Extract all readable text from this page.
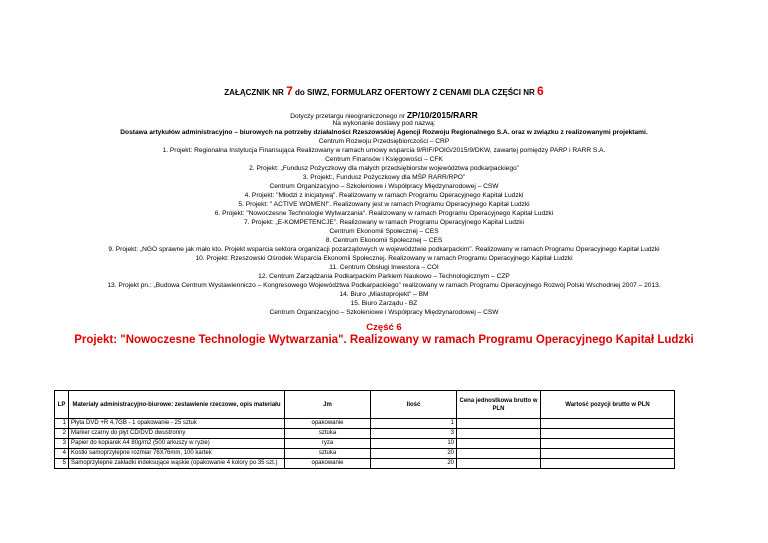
ZAŁĄCZNIK NR 7 do SIWZ, FORMULARZ OFERTOWY Z CENAMI DLA CZĘŚCI NR 6
Dotyczy przetargu nieograniczonego nr ZP/10/2015/RARR
Na wykonanie dostawy pod nazwą:
Dostawa artykułów administracyjno – biurowych na potrzeby działalności Rzeszowskiej Agencji Rozwoju Regionalnego S.A. oraz w związku z realizowanymi projektami.
Centrum Rozwoju Przedsiębiorczości – CRP
1. Projekt: Regionalna Instytucja Finansująca Realizowany w ramach umowy wsparcia 9/RIF/POIG/2015/9/DKW, zawartej pomiędzy PARP i RARR S.A.
Centrum Finansów i Księgowości – CFK
2. Projekt: „Fundusz Pożyczkowy dla małych przedsiębiorstw województwa podkarpackiego”
3. Projekt:, Fundusz Pożyczkowy dla MŚP RARR/RPO”
Centrum Organizacyjno – Szkoleniowe i Współpracy Międzynarodowej – CSW
4. Projekt: "Młodzi z inicjatywą". Realizowany w ramach Programu Operacyjnego Kapitał Ludzki
5. Projekt: " ACTIVE WOMEN!". Realizowany jest w ramach Programu Operacyjnego Kapitał Ludzki
6. Projekt: "Nowoczesne Technologie Wytwarzania". Realizowany w ramach Programu Operacyjnego Kapitał Ludzki
7. Projekt: „E-KOMPETENCJE”. Realizowany w ramach Programu Operacyjnego Kapitał Ludzki
Centrum Ekonomii Społecznej – CES
8. Centrum Ekonomii Społecznej – CES
9. Projekt: „NGO sprawne jak mało kto. Projekt wsparcia sektora organizacji pozarządowych w województwie podkarpackim”. Realizowany w ramach Programu Operacyjnego Kapitał Ludzki
10. Projekt: Rzeszowski Ośrodek Wsparcia Ekonomii Społecznej. Realizowany w ramach Programu Operacyjnego Kapitał Ludzki
11. Centrum Obsługi Inwestora – COI
12. Centrum Zarządzania Podkarpackim Parkiem Naukowo – Technologicznym – CZP
13. Projekt pn.: „Budowa Centrum Wystawienniczo – Kongresowego Województwa Podkarpackiego” realizowany w ramach Programu Operacyjnego Rozwój Polski Wschodniej 2007 – 2013.
14. Biuro „Miastoprojekt” – BM
15. Biuro Zarządu - BZ
Centrum Organizacyjno – Szkoleniowe i Współpracy Międzynarodowej – CSW
Część 6
Projekt: "Nowoczesne Technologie Wytwarzania". Realizowany w ramach Programu Operacyjnego Kapitał Ludzki
LP	Materiały administracyjno-biurowe: zestawienie rzeczowe, opis materiału	Jm	Ilość	Cena jednostkowa brutto w PLN	Wartość pozycji brutto w PLN
1	Płyta DVD +R 4,7GB - 1 opakowanie - 25 sztuk	opakowanie	1		
2	Marker czarny do płyt CD/DVD dwustronny	sztuka	3		
3	Papier do kopiarek A4 80g/m2 (500 arkuszy w ryzie)	ryza	10		
4	Kostki samoprzylepne rozmiar 76X76mm, 100 kartek	sztuka	20		
5	Samoprzylepne zakładki indeksujące wąskie (opakowanie 4 kolory po 35 szt.)	opakowanie	20		
